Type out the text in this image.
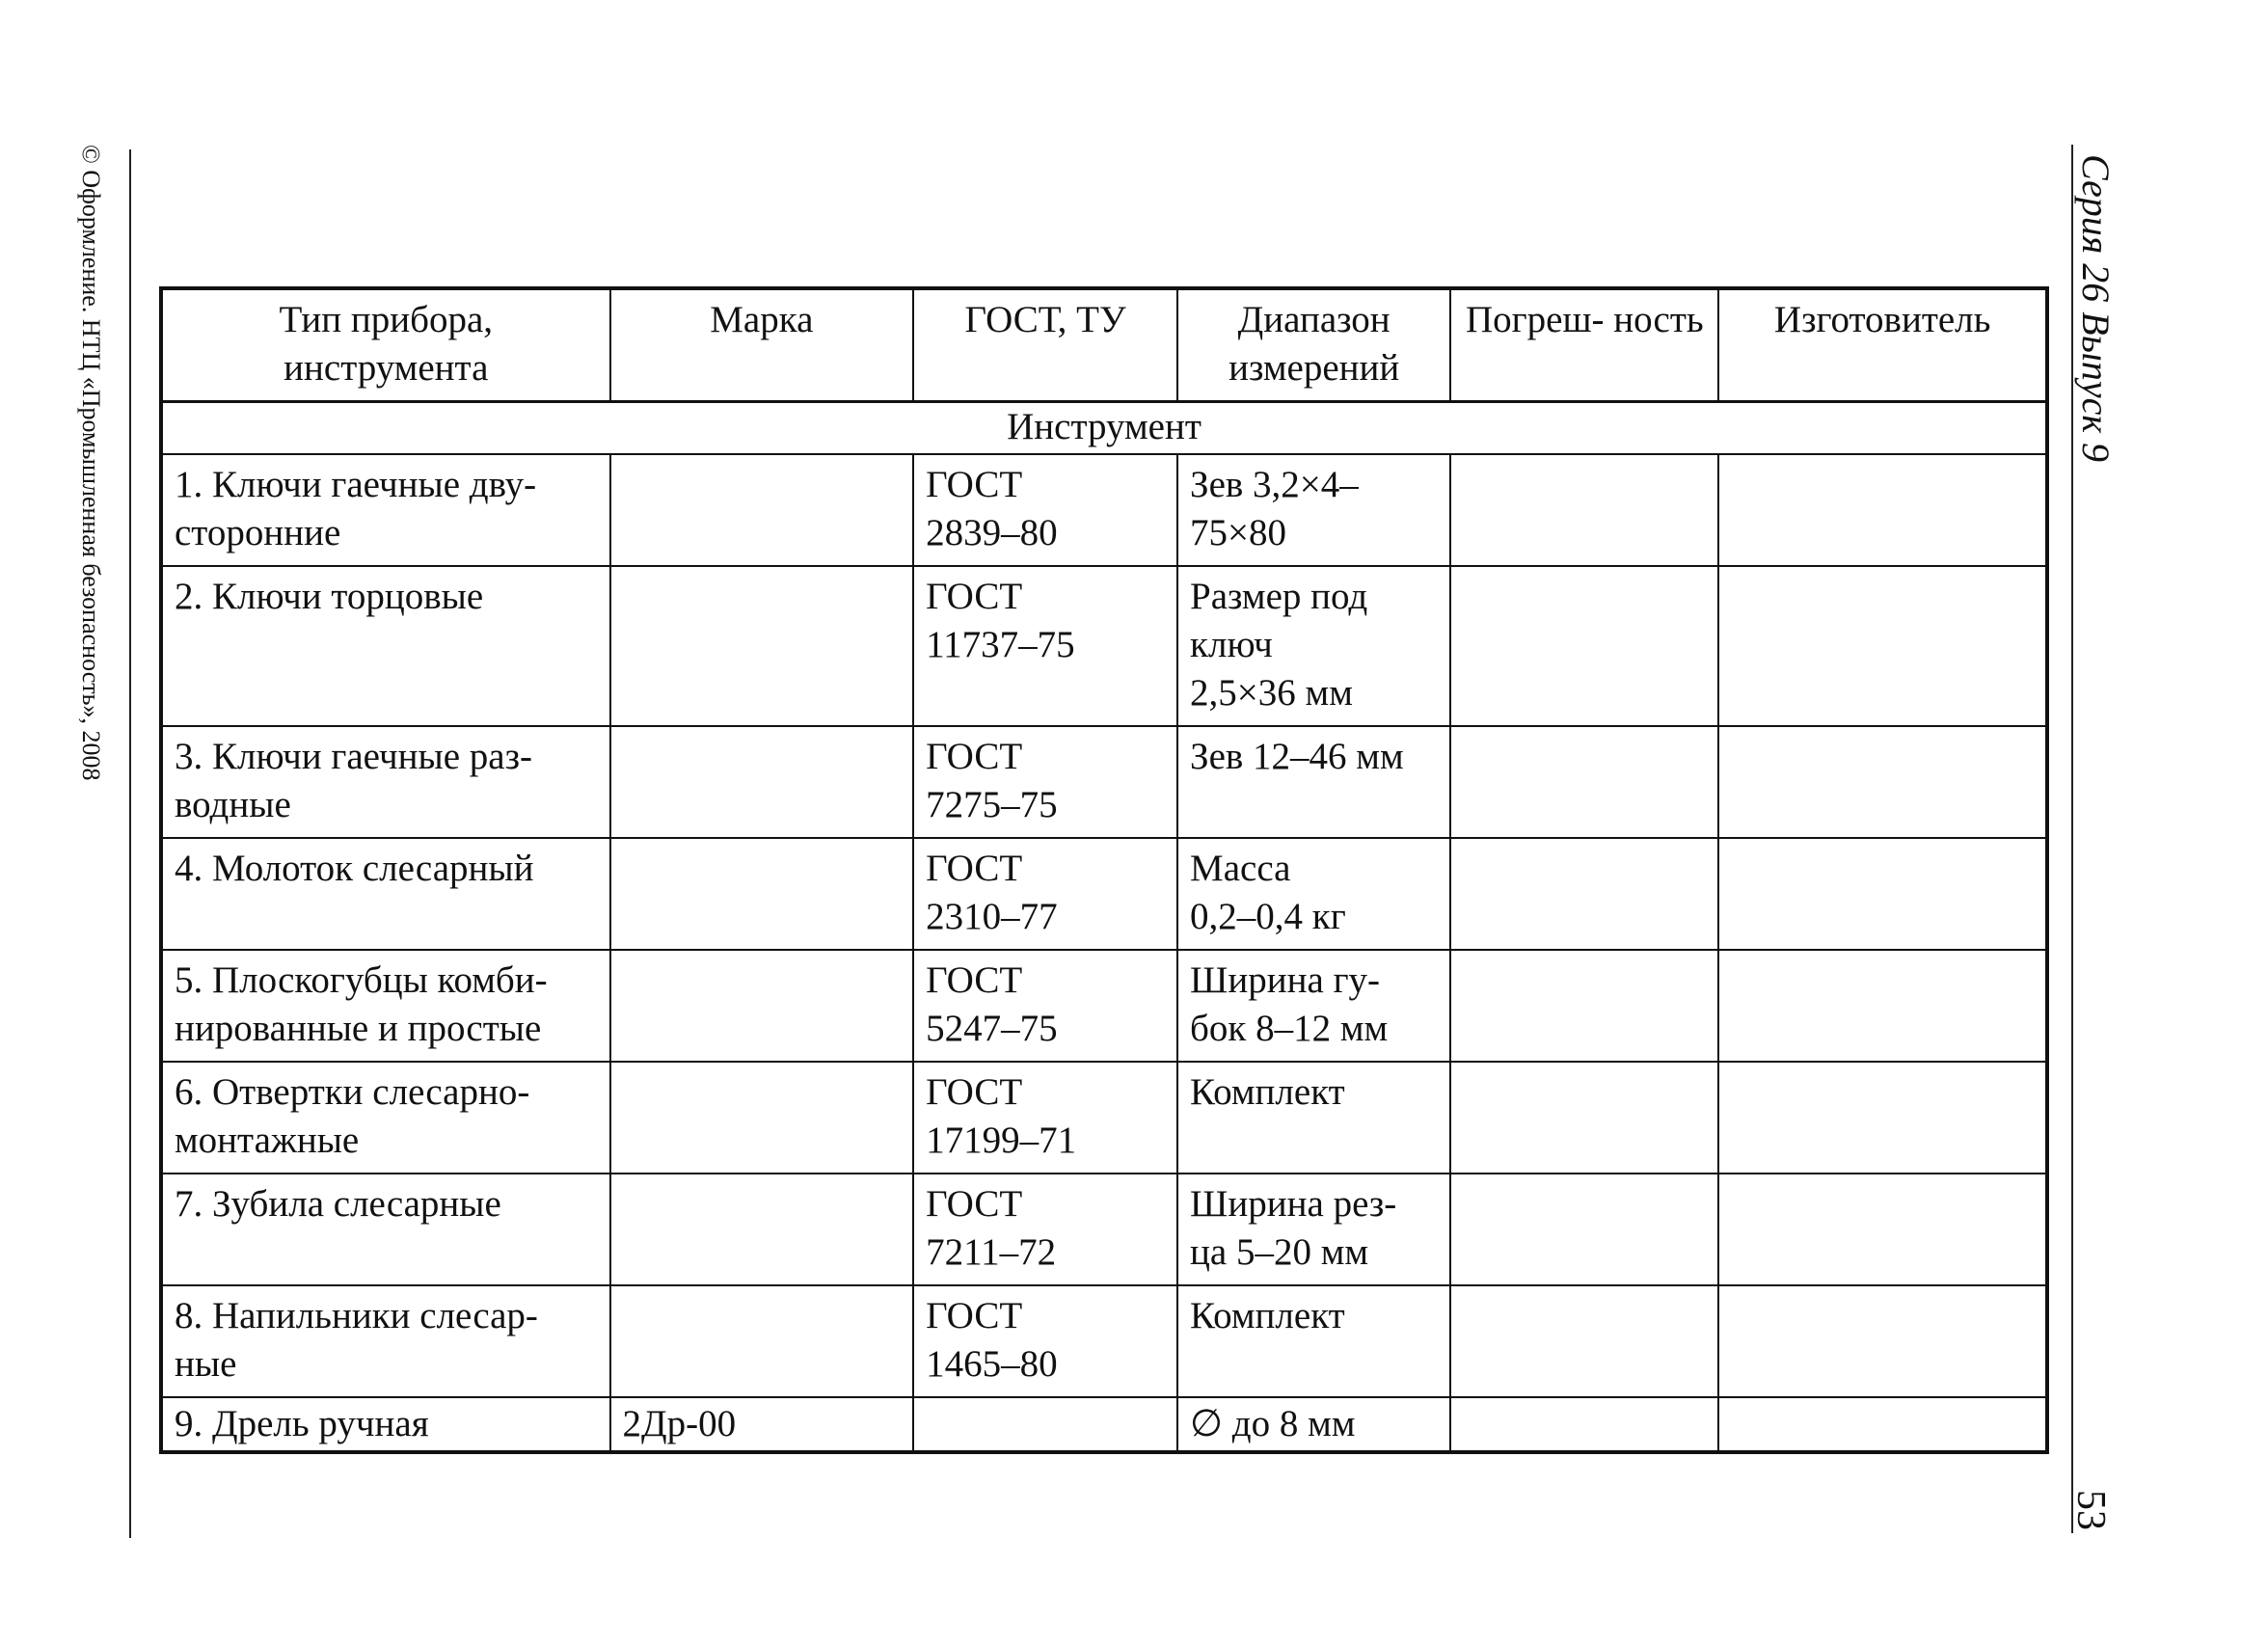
© Оформление. НТЦ «Промышленная безопасность», 2008	Серия 26 Выпуск 9
53
Тип прибора, инструмента	Марка	ГОСТ, ТУ	Диапазон измерений	Погреш- ность	Изготовитель
Инструмент					

1. Ключи гаечные дву-
сторонние		ГОСТ
2839–80	Зев 3,2×4–
75×80		

2. Ключи торцовые		ГОСТ
11737–75	Размер под
ключ
2,5×36 мм		

3. Ключи гаечные раз-
водные		ГОСТ
7275–75	Зев 12–46 мм		

4. Молоток слесарный		ГОСТ
2310–77	Масса
0,2–0,4 кг		

5. Плоскогубцы комби-
нированные и простые		ГОСТ
5247–75	Ширина гу-
бок 8–12 мм		

6. Отвертки слесарно-
монтажные		ГОСТ
17199–71	Комплект		

7. Зубила слесарные		ГОСТ
7211–72	Ширина рез-
ца 5–20 мм		

8. Напильники слесар-
ные		ГОСТ
1465–80	Комплект		

9. Дрель ручная	2Др-00		∅ до 8 мм		
